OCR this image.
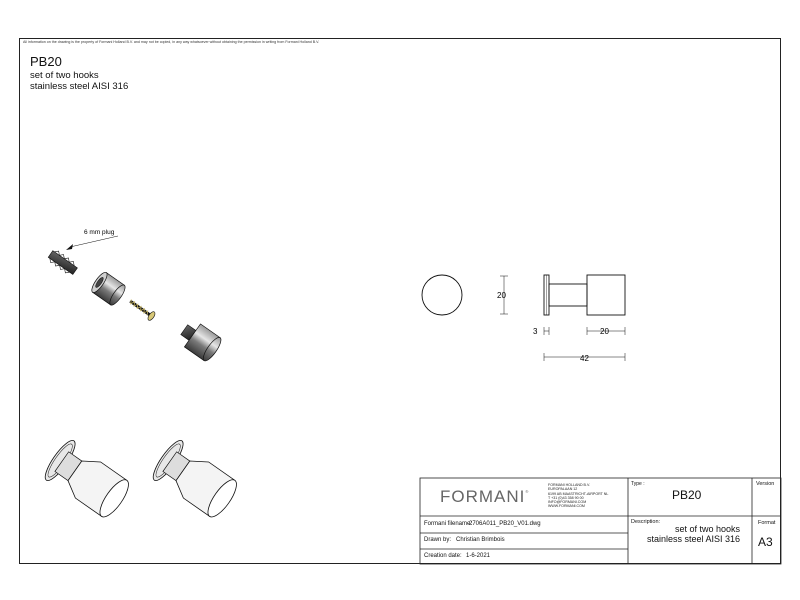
All information on the drawing is the property of Formani Holland B.V. and may not be copied, in any way whatsoever without obtaining the permission in writing from Formani Holland B.V.
PB20
set of two hooks
stainless steel AISI 316
6 mm plug
20
3	20
42
FORMANI®
FORMANI HOLLAND B.V.
EUROPALAAN 12
6199 AB MAASTRICHT-AIRPORT NL
T +31 (0)43 358 90 00
INFO@FORMANI.COM
WWW.FORMANI.COM
Type :
PB20
Version
Formani filename:
2706A011_PB20_V01.dwg
Drawn by: Christian Brimbois
Creation date: 1-6-2021
Description:
set of two hooks
stainless steel AISI 316
Format
A3
